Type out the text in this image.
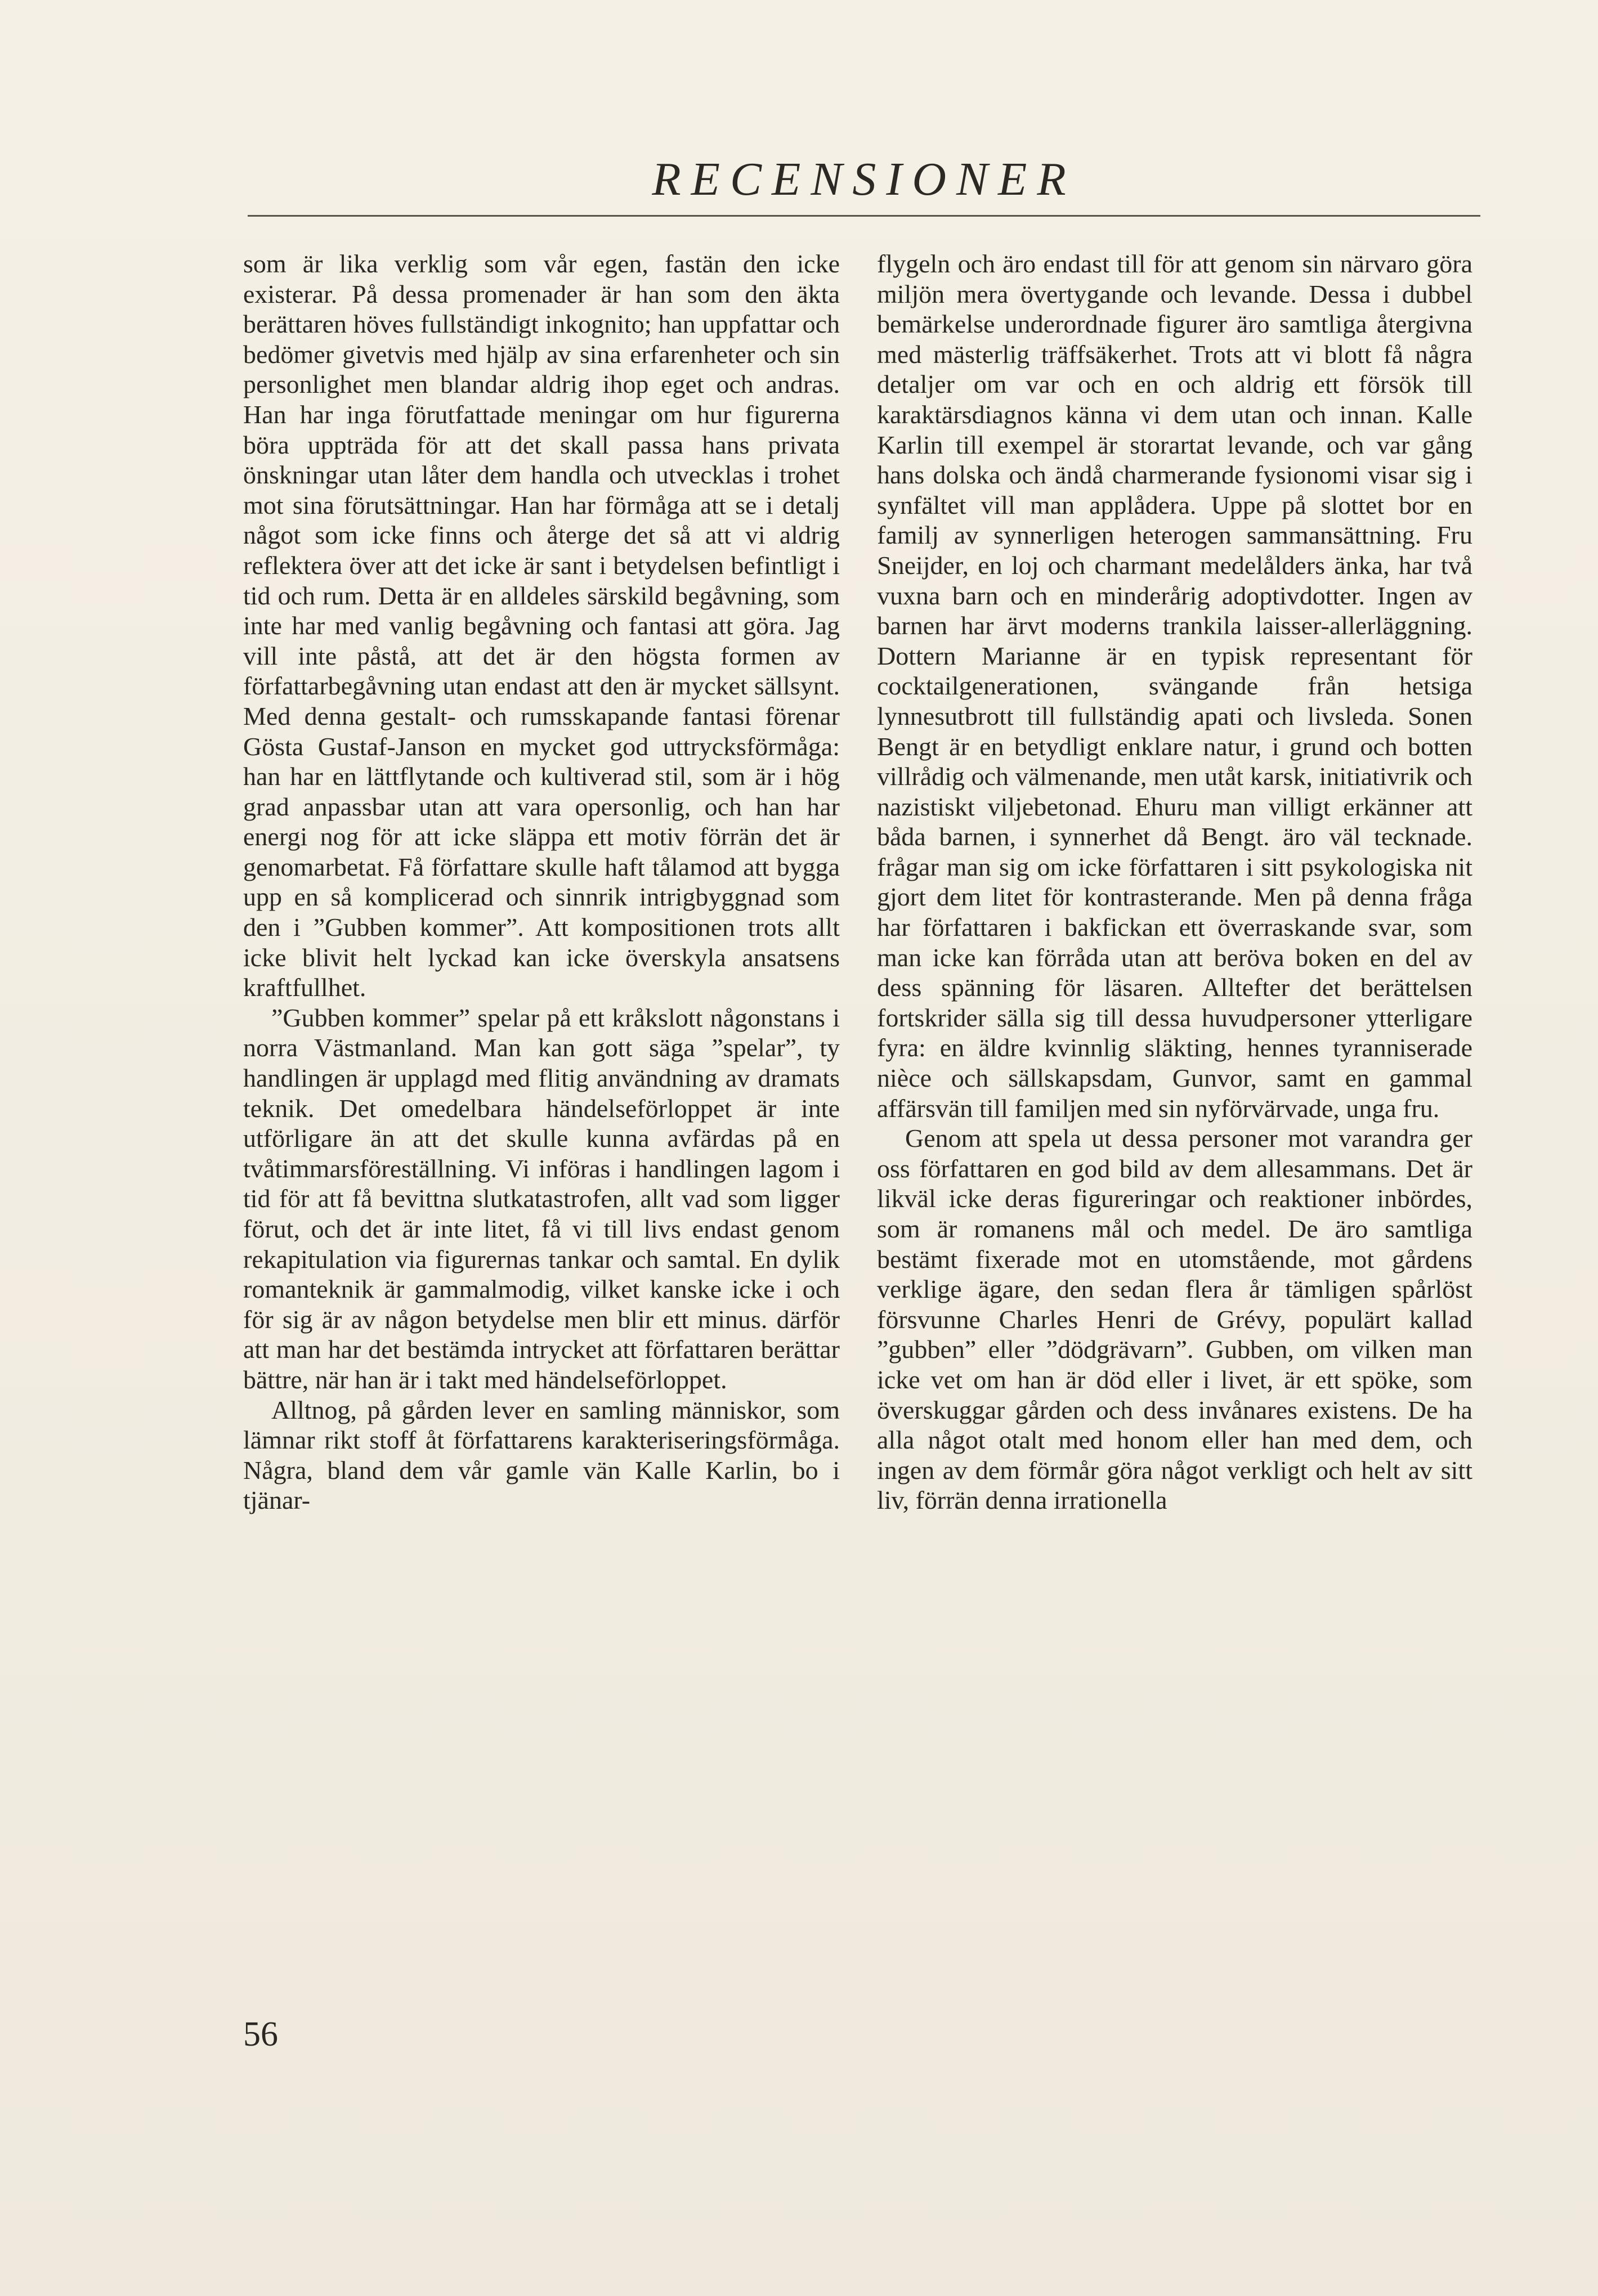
RECENSIONER

som är lika verklig som vår egen, fastän den icke existerar. På dessa promenader är han som den äkta berättaren höves fullständigt inkognito; han uppfattar och bedömer givetvis med hjälp av sina erfarenheter och sin personlighet men blandar aldrig ihop eget och andras. Han har inga förutfattade meningar om hur figurerna böra uppträda för att det skall passa hans privata önskningar utan låter dem handla och utvecklas i trohet mot sina förutsättningar. Han har förmåga att se i detalj något som icke finns och återge det så att vi aldrig reflektera över att det icke är sant i betydelsen befintligt i tid och rum. Detta är en alldeles särskild begåvning, som inte har med vanlig begåvning och fantasi att göra. Jag vill inte påstå, att det är den högsta formen av författarbegåvning utan endast att den är mycket sällsynt. Med denna gestalt- och rumsskapande fantasi förenar Gösta Gustaf-Janson en mycket god uttrycksförmåga: han har en lättflytande och kultiverad stil, som är i hög grad anpassbar utan att vara opersonlig, och han har energi nog för att icke släppa ett motiv förrän det är genomarbetat. Få författare skulle haft tålamod att bygga upp en så komplicerad och sinnrik intrigbyggnad som den i ”Gubben kommer”. Att kompositionen trots allt icke blivit helt lyckad kan icke överskyla ansatsens kraftfullhet.

”Gubben kommer” spelar på ett kråkslott någonstans i norra Västmanland. Man kan gott säga ”spelar”, ty handlingen är upplagd med flitig användning av dramats teknik. Det omedelbara händelseförloppet är inte utförligare än att det skulle kunna avfärdas på en tvåtimmarsföreställning. Vi införas i handlingen lagom i tid för att få bevittna slutkatastrofen, allt vad som ligger förut, och det är inte litet, få vi till livs endast genom rekapitulation via figurernas tankar och samtal. En dylik romanteknik är gammalmodig, vilket kanske icke i och för sig är av någon betydelse men blir ett minus. därför att man har det bestämda intrycket att författaren berättar bättre, när han är i takt med händelseförloppet.

Alltnog, på gården lever en samling människor, som lämnar rikt stoff åt författarens karakteriseringsförmåga. Några, bland dem vår gamle vän Kalle Karlin, bo i tjänar-

flygeln och äro endast till för att genom sin närvaro göra miljön mera övertygande och levande. Dessa i dubbel bemärkelse underordnade figurer äro samtliga återgivna med mästerlig träffsäkerhet. Trots att vi blott få några detaljer om var och en och aldrig ett försök till karaktärsdiagnos känna vi dem utan och innan. Kalle Karlin till exempel är storartat levande, och var gång hans dolska och ändå charmerande fysionomi visar sig i synfältet vill man applådera. Uppe på slottet bor en familj av synnerligen heterogen sammansättning. Fru Sneijder, en loj och charmant medelålders änka, har två vuxna barn och en minderårig adoptivdotter. Ingen av barnen har ärvt moderns trankila laisser-allerläggning. Dottern Marianne är en typisk representant för cocktailgenerationen, svängande från hetsiga lynnesutbrott till fullständig apati och livsleda. Sonen Bengt är en betydligt enklare natur, i grund och botten villrådig och välmenande, men utåt karsk, initiativrik och nazistiskt viljebetonad. Ehuru man villigt erkänner att båda barnen, i synnerhet då Bengt. äro väl tecknade. frågar man sig om icke författaren i sitt psykologiska nit gjort dem litet för kontrasterande. Men på denna fråga har författaren i bakfickan ett överraskande svar, som man icke kan förråda utan att beröva boken en del av dess spänning för läsaren. Alltefter det berättelsen fortskrider sälla sig till dessa huvudpersoner ytterligare fyra: en äldre kvinnlig släkting, hennes tyranniserade nièce och sällskapsdam, Gunvor, samt en gammal affärsvän till familjen med sin nyförvärvade, unga fru.

Genom att spela ut dessa personer mot varandra ger oss författaren en god bild av dem allesammans. Det är likväl icke deras figureringar och reaktioner inbördes, som är romanens mål och medel. De äro samtliga bestämt fixerade mot en utomstående, mot gårdens verklige ägare, den sedan flera år tämligen spårlöst försvunne Charles Henri de Grévy, populärt kallad ”gubben” eller ”dödgrävarn”. Gubben, om vilken man icke vet om han är död eller i livet, är ett spöke, som överskuggar gården och dess invånares existens. De ha alla något otalt med honom eller han med dem, och ingen av dem förmår göra något verkligt och helt av sitt liv, förrän denna irrationella

56
